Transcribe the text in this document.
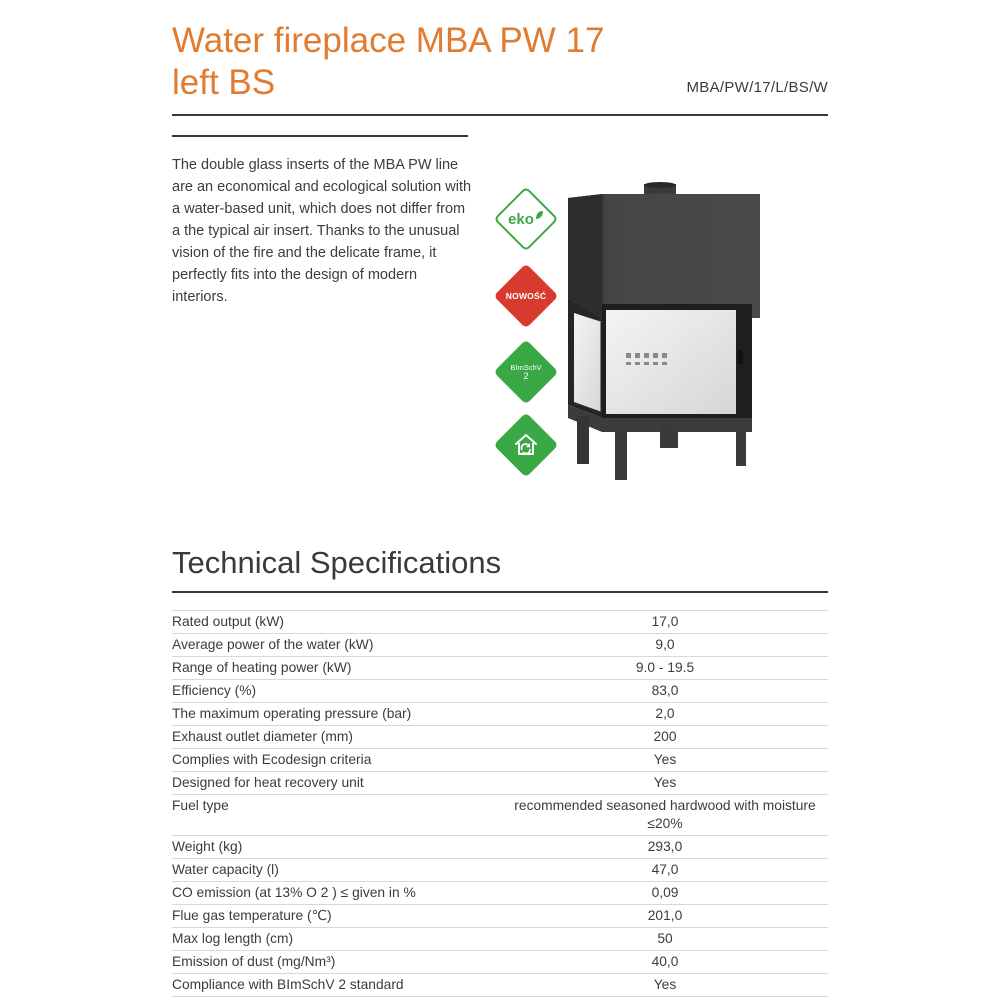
Water fireplace MBA PW 17 left BS	MBA/PW/17/L/BS/W

The double glass inserts of the MBA PW line are an economical and ecological solution with a water-based unit, which does not differ from a the typical air insert. Thanks to the unusual vision of the fire and the delicate frame, it perfectly fits into the design of modern interiors.

eko
NOWOŚĆ
BImSchV
2
Technical Specifications
Rated output (kW)	17,0
Average power of the water (kW)	9,0
Range of heating power (kW)	9.0 - 19.5
Efficiency (%)	83,0
The maximum operating pressure (bar)	2,0
Exhaust outlet diameter (mm)	200
Complies with Ecodesign criteria	Yes
Designed for heat recovery unit	Yes
Fuel type	recommended seasoned hardwood with moisture ≤20%
Weight (kg)	293,0
Water capacity (l)	47,0
CO emission (at 13% O 2 ) ≤ given in %	0,09
Flue gas temperature (℃)	201,0
Max log length (cm)	50
Emission of dust (mg/Nm³)	40,0
Compliance with BImSchV 2 standard	Yes
